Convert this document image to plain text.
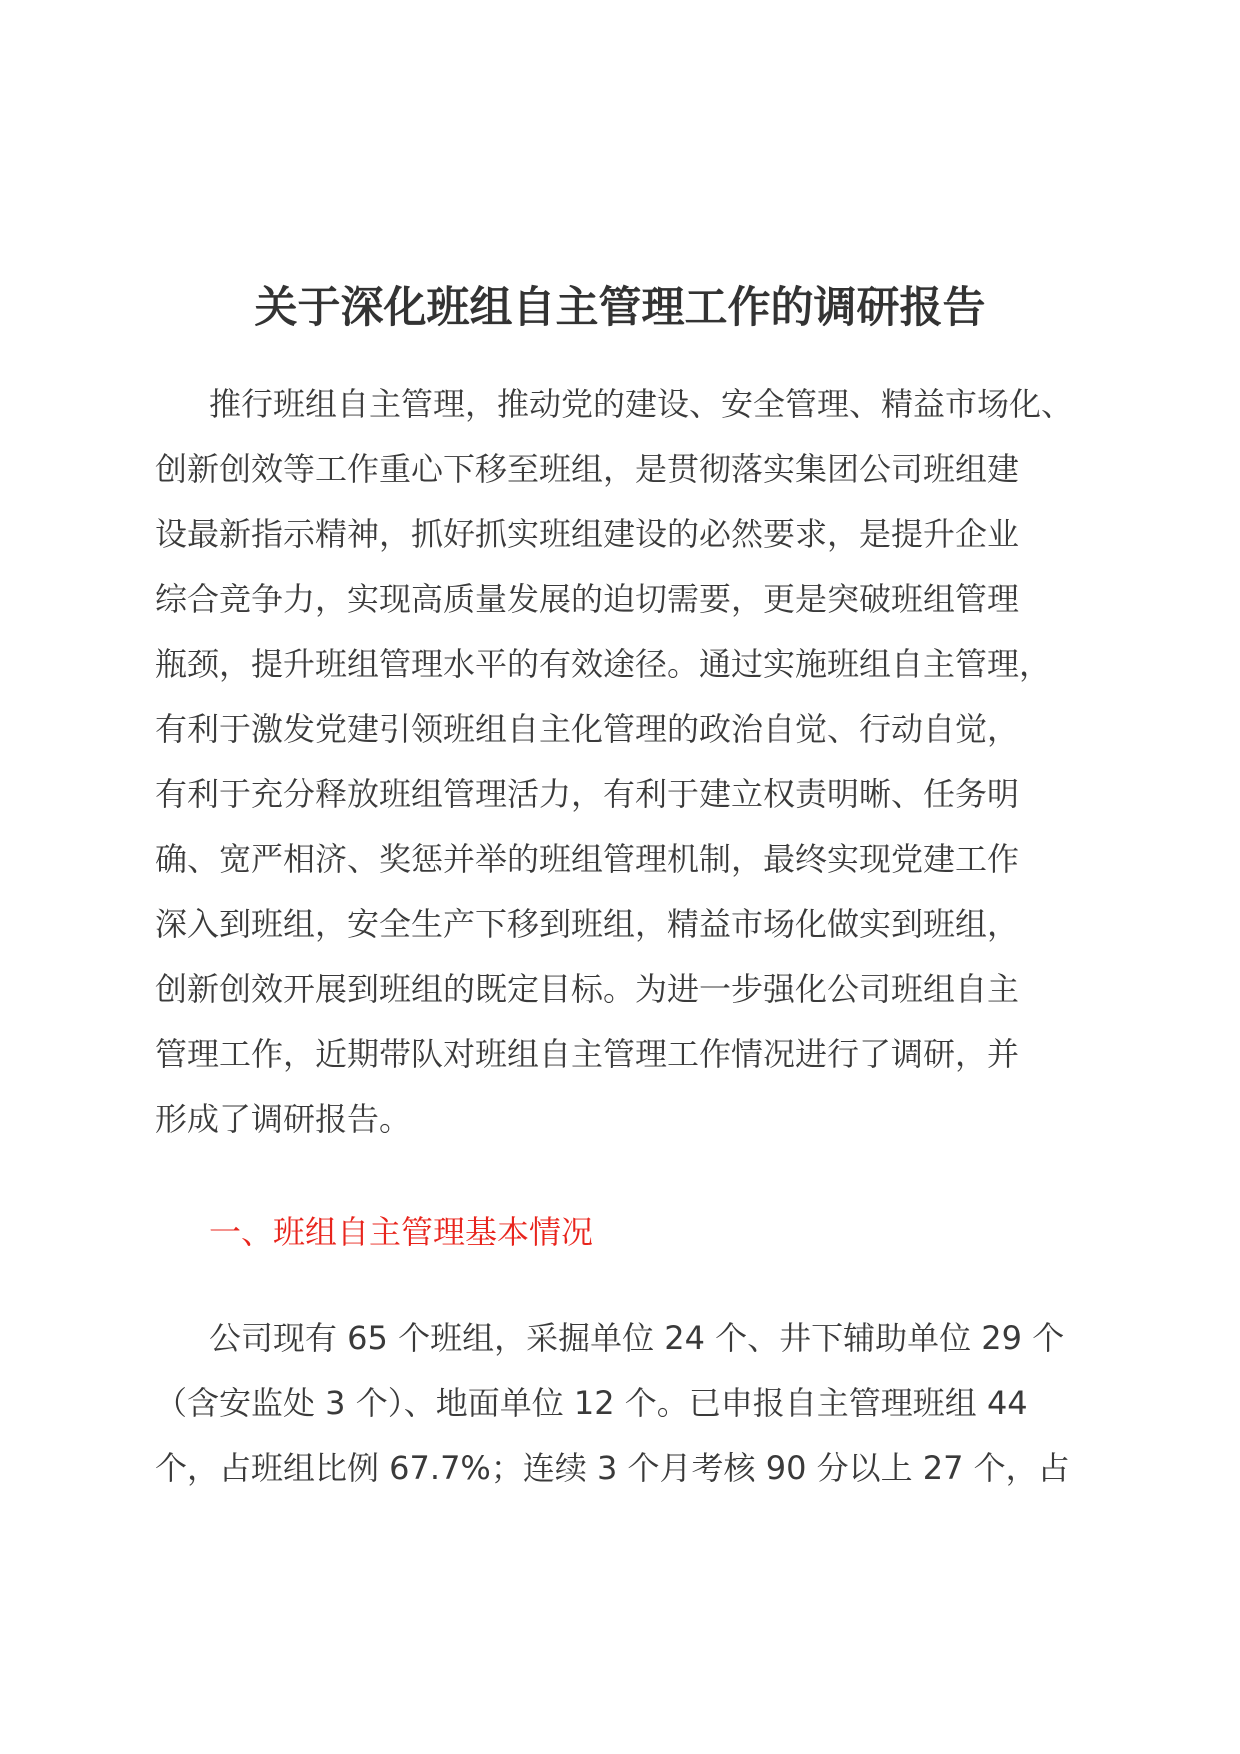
关于深化班组自主管理工作的调研报告
推行班组自主管理，推动党的建设、安全管理、精益市场化、
创新创效等工作重心下移至班组，是贯彻落实集团公司班组建
设最新指示精神，抓好抓实班组建设的必然要求，是提升企业
综合竞争力，实现高质量发展的迫切需要，更是突破班组管理
瓶颈，提升班组管理水平的有效途径。通过实施班组自主管理，
有利于激发党建引领班组自主化管理的政治自觉、行动自觉，
有利于充分释放班组管理活力，有利于建立权责明晰、任务明
确、宽严相济、奖惩并举的班组管理机制，最终实现党建工作
深入到班组，安全生产下移到班组，精益市场化做实到班组，
创新创效开展到班组的既定目标。为进一步强化公司班组自主
管理工作，近期带队对班组自主管理工作情况进行了调研，并
形成了调研报告。
一、班组自主管理基本情况
公司现有 65 个班组，采掘单位 24 个、井下辅助单位 29 个
（含安监处 3 个）、地面单位 12 个。已申报自主管理班组 44
个，占班组比例 67.7%；连续 3 个月考核 90 分以上 27 个，占
